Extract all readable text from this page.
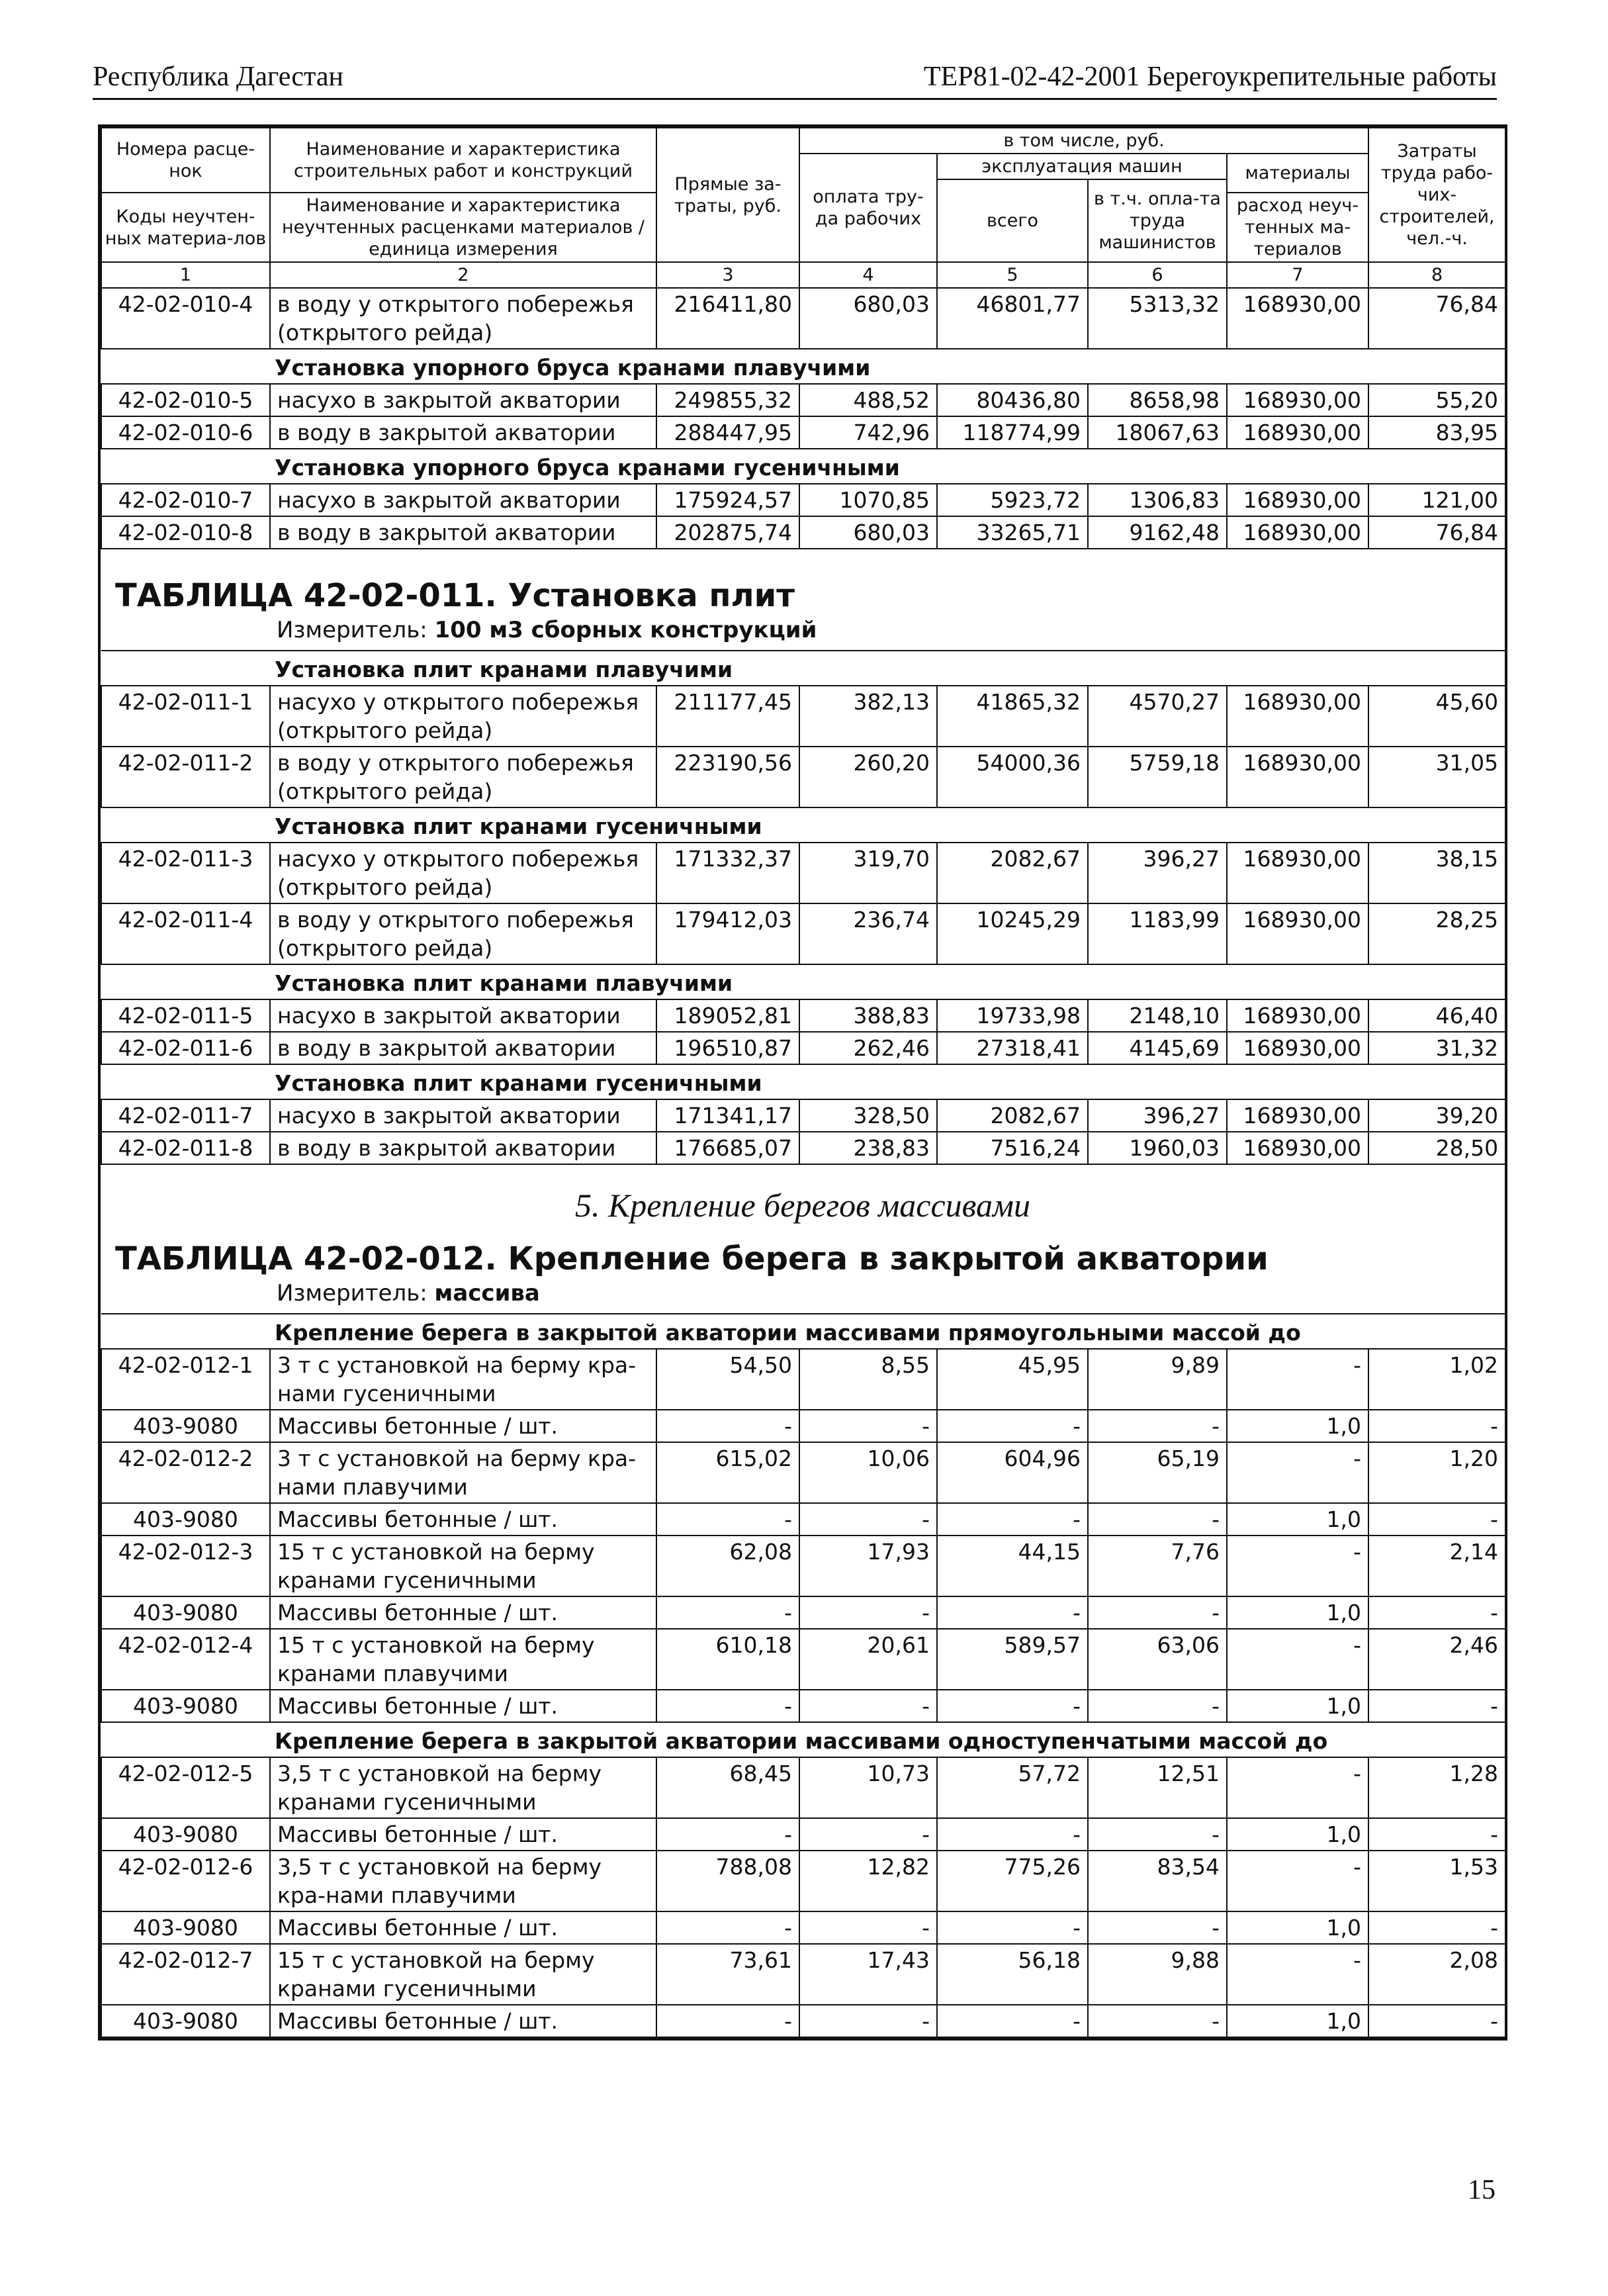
Республика Дагестан	ТЕР81-02-42-2001 Берегоукрепительные работы
Номера расце-нок	Наименование и характеристика строительных работ и конструкций	Прямые за-траты, руб.	в том числе, руб.				Затраты труда рабо-чих-строителей, чел.-ч.
			оплата тру-да рабочих	эксплуатация машин		материалы	
				всего	в т.ч. опла-та труда машинистов		
Коды неучтен-ных материа-лов	Наименование и характеристика неучтенных расценками материалов / единица измерения					расход неуч-тенных ма-териалов	

1	2	3	4	5	6	7	8
42-02-010-4	в воду у открытого побережья (открытого рейда)	216411,80	680,03	46801,77	5313,32	168930,00	76,84
Установка упорного бруса кранами плавучими							
42-02-010-5	насухо в закрытой акватории	249855,32	488,52	80436,80	8658,98	168930,00	55,20
42-02-010-6	в воду в закрытой акватории	288447,95	742,96	118774,99	18067,63	168930,00	83,95
Установка упорного бруса кранами гусеничными							
42-02-010-7	насухо в закрытой акватории	175924,57	1070,85	5923,72	1306,83	168930,00	121,00
42-02-010-8	в воду в закрытой акватории	202875,74	680,03	33265,71	9162,48	168930,00	76,84
ТАБЛИЦА 42-02-011. Установка плит
Измеритель: 100 м3 сборных конструкций
Установка плит кранами плавучими							
42-02-011-1	насухо у открытого побережья (открытого рейда)	211177,45	382,13	41865,32	4570,27	168930,00	45,60
42-02-011-2	в воду у открытого побережья (открытого рейда)	223190,56	260,20	54000,36	5759,18	168930,00	31,05
Установка плит кранами гусеничными							
42-02-011-3	насухо у открытого побережья (открытого рейда)	171332,37	319,70	2082,67	396,27	168930,00	38,15
42-02-011-4	в воду у открытого побережья (открытого рейда)	179412,03	236,74	10245,29	1183,99	168930,00	28,25
Установка плит кранами плавучими							
42-02-011-5	насухо в закрытой акватории	189052,81	388,83	19733,98	2148,10	168930,00	46,40
42-02-011-6	в воду в закрытой акватории	196510,87	262,46	27318,41	4145,69	168930,00	31,32
Установка плит кранами гусеничными							
42-02-011-7	насухо в закрытой акватории	171341,17	328,50	2082,67	396,27	168930,00	39,20
42-02-011-8	в воду в закрытой акватории	176685,07	238,83	7516,24	1960,03	168930,00	28,50
5. Крепление берегов массивами
ТАБЛИЦА 42-02-012. Крепление берега в закрытой акватории
Измеритель: массива
Крепление берега в закрытой акватории массивами прямоугольными массой до							
42-02-012-1	3 т с установкой на берму кра-нами гусеничными	54,50	8,55	45,95	9,89	-	1,02
403-9080	Массивы бетонные / шт.	-	-	-	-	1,0	-
42-02-012-2	3 т с установкой на берму кра-нами плавучими	615,02	10,06	604,96	65,19	-	1,20
403-9080	Массивы бетонные / шт.	-	-	-	-	1,0	-
42-02-012-3	15 т с установкой на берму кранами гусеничными	62,08	17,93	44,15	7,76	-	2,14
403-9080	Массивы бетонные / шт.	-	-	-	-	1,0	-
42-02-012-4	15 т с установкой на берму кранами плавучими	610,18	20,61	589,57	63,06	-	2,46
403-9080	Массивы бетонные / шт.	-	-	-	-	1,0	-
Крепление берега в закрытой акватории массивами одноступенчатыми массой до							
42-02-012-5	3,5 т с установкой на берму кранами гусеничными	68,45	10,73	57,72	12,51	-	1,28
403-9080	Массивы бетонные / шт.	-	-	-	-	1,0	-
42-02-012-6	3,5 т с установкой на берму кра-нами плавучими	788,08	12,82	775,26	83,54	-	1,53
403-9080	Массивы бетонные / шт.	-	-	-	-	1,0	-
42-02-012-7	15 т с установкой на берму кранами гусеничными	73,61	17,43	56,18	9,88	-	2,08
403-9080	Массивы бетонные / шт.	-	-	-	-	1,0	-
15
